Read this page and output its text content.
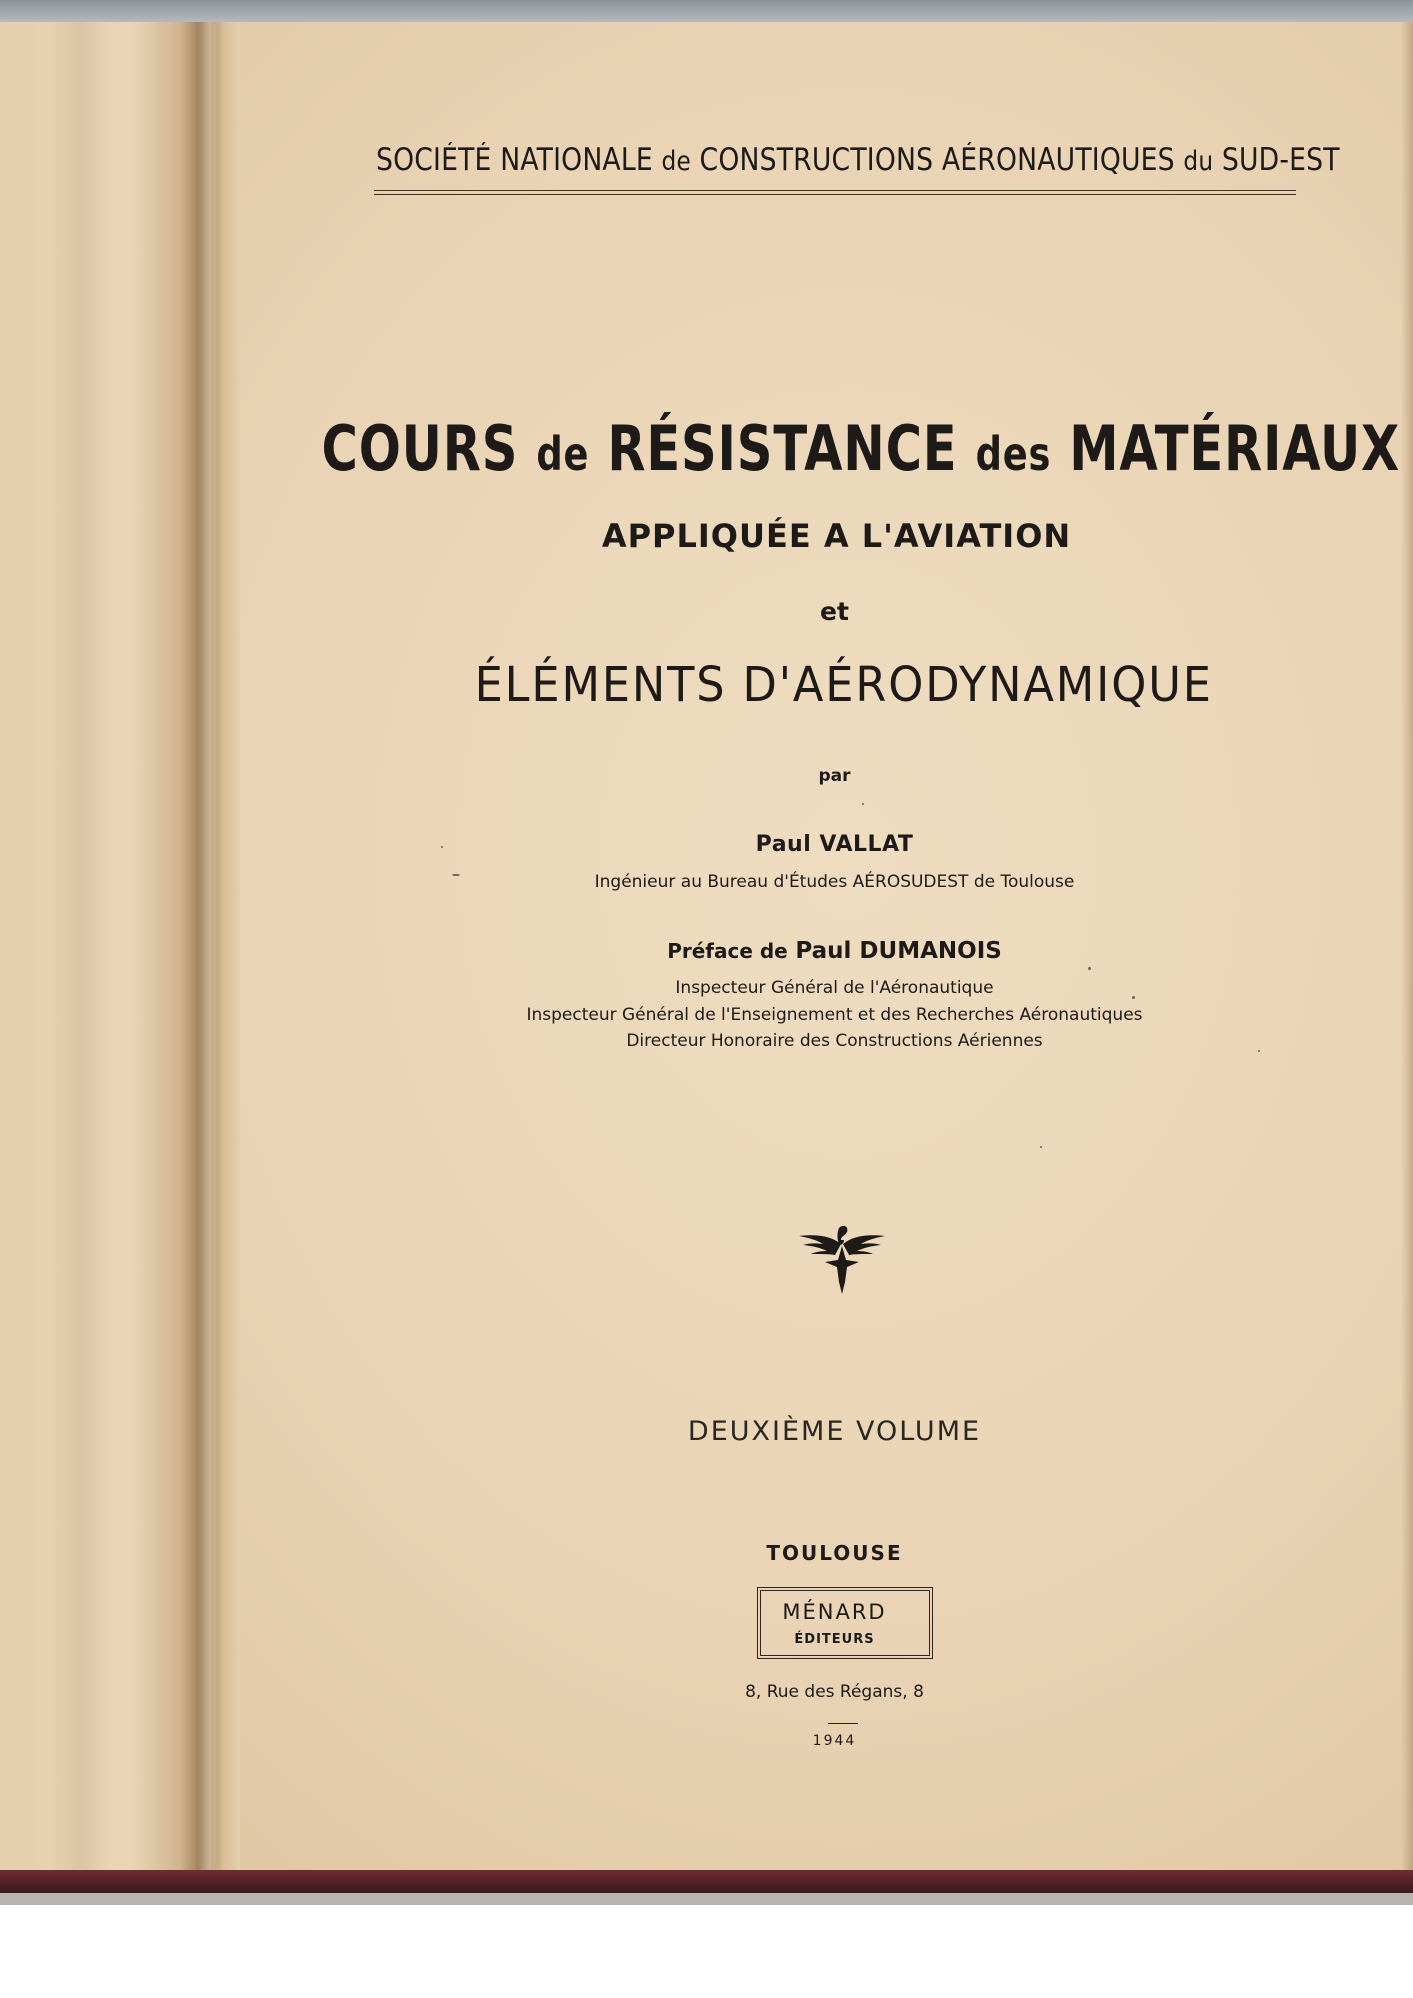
SOCIÉTÉ NATIONALE de CONSTRUCTIONS AÉRONAUTIQUES du SUD-EST
COURS de RÉSISTANCE des MATÉRIAUX
APPLIQUÉE A L'AVIATION
et
ÉLÉMENTS D'AÉRODYNAMIQUE
par
Paul VALLAT
Ingénieur au Bureau d'Études AÉROSUDEST de Toulouse
Préface de Paul DUMANOIS
Inspecteur Général de l'Aéronautique
Inspecteur Général de l'Enseignement et des Recherches Aéronautiques
Directeur Honoraire des Constructions Aériennes
DEUXIÈME VOLUME
TOULOUSE
MÉNARD
ÉDITEURS
8, Rue des Régans, 8
1944
